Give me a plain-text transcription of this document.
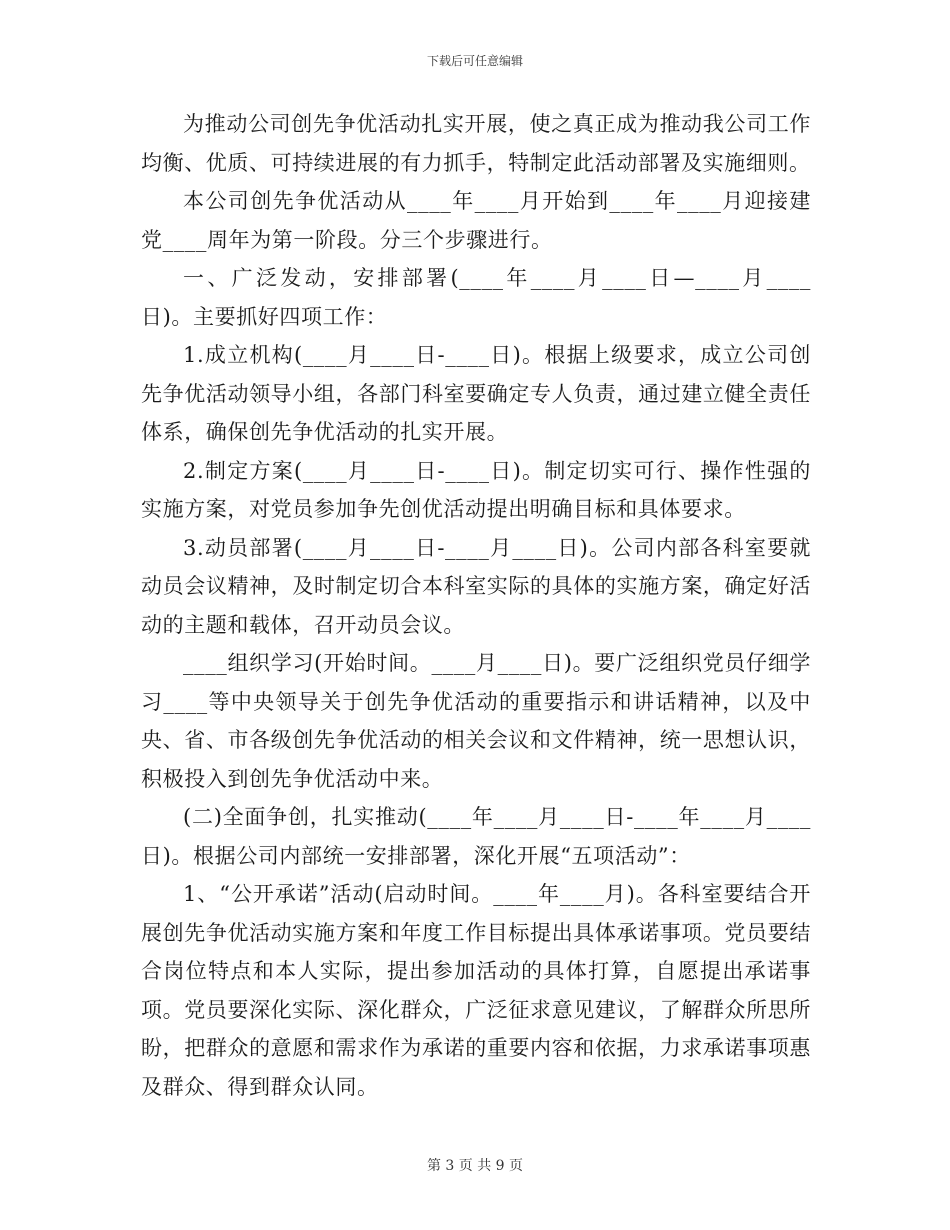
下载后可任意编辑

为推动公司创先争优活动扎实开展，使之真正成为推动我公司工作均衡、优质、可持续进展的有力抓手，特制定此活动部署及实施细则。

本公司创先争优活动从____年____月开始到____年____月迎接建党____周年为第一阶段。分三个步骤进行。

一、广泛发动，安排部署(____年____月____日—____月____日)。主要抓好四项工作：

1.成立机构(____月____日-____日)。根据上级要求，成立公司创先争优活动领导小组，各部门科室要确定专人负责，通过建立健全责任体系，确保创先争优活动的扎实开展。

2.制定方案(____月____日-____日)。制定切实可行、操作性强的实施方案，对党员参加争先创优活动提出明确目标和具体要求。

3.动员部署(____月____日-____月____日)。公司内部各科室要就动员会议精神，及时制定切合本科室实际的具体的实施方案，确定好活动的主题和载体，召开动员会议。

____组织学习(开始时间。____月____日)。要广泛组织党员仔细学习____等中央领导关于创先争优活动的重要指示和讲话精神，以及中央、省、市各级创先争优活动的相关会议和文件精神，统一思想认识，积极投入到创先争优活动中来。

(二)全面争创，扎实推动(____年____月____日-____年____月____日)。根据公司内部统一安排部署，深化开展“五项活动”：

1、“公开承诺”活动(启动时间。____年____月)。各科室要结合开展创先争优活动实施方案和年度工作目标提出具体承诺事项。党员要结合岗位特点和本人实际，提出参加活动的具体打算，自愿提出承诺事项。党员要深化实际、深化群众，广泛征求意见建议，了解群众所思所盼，把群众的意愿和需求作为承诺的重要内容和依据，力求承诺事项惠及群众、得到群众认同。

第 3 页 共 9 页
